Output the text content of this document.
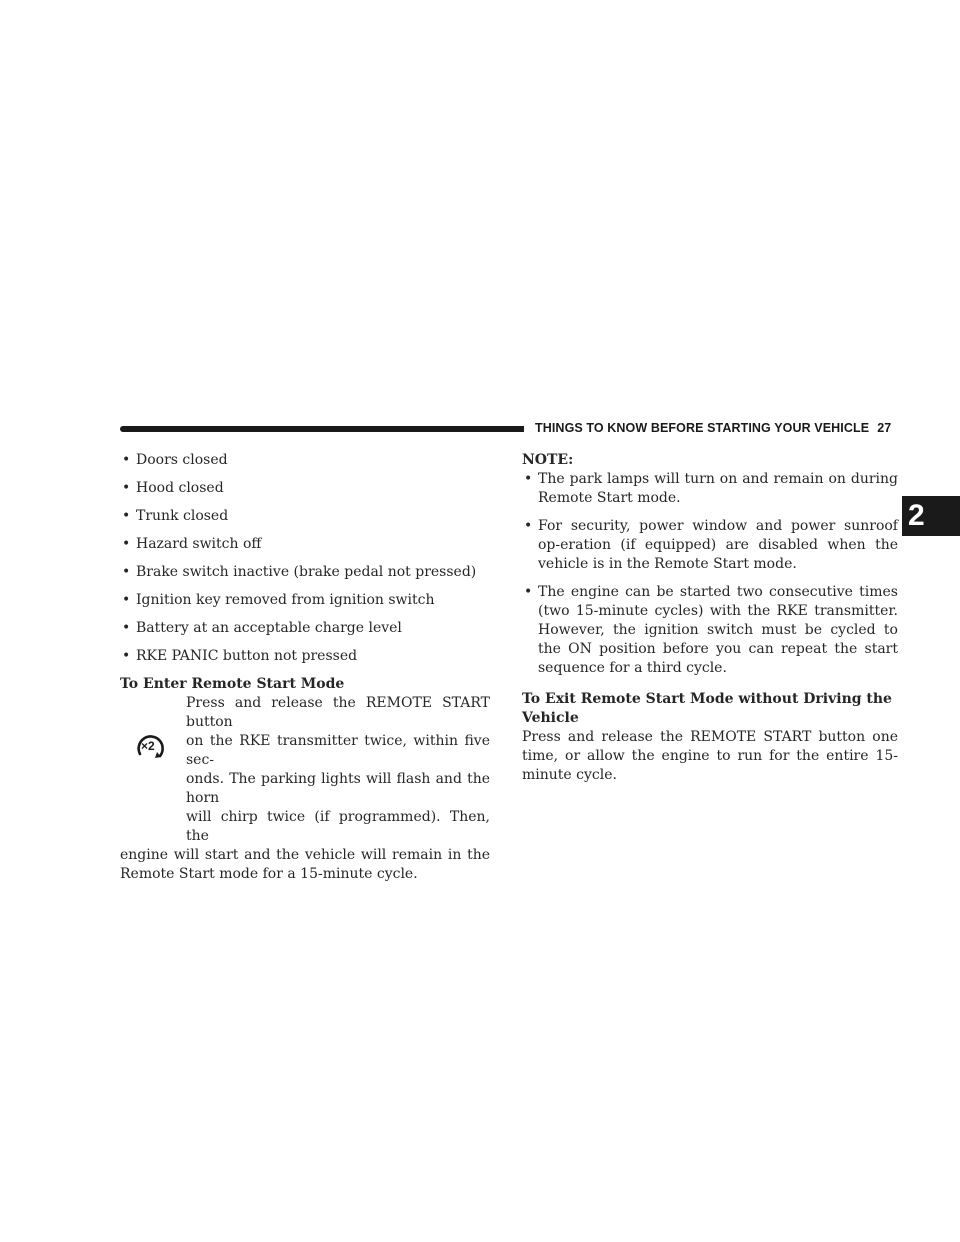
THINGS TO KNOW BEFORE STARTING YOUR VEHICLE 27
2
• Doors closed
• Hood closed
• Trunk closed
• Hazard switch off
• Brake switch inactive (brake pedal not pressed)
• Ignition key removed from ignition switch
• Battery at an acceptable charge level
• RKE PANIC button not pressed

To Enter Remote Start Mode

×2

Press and release the REMOTE START button

on the RKE transmitter twice, within five sec-

onds. The parking lights will flash and the horn

will chirp twice (if programmed). Then, the

engine will start and the vehicle will remain in the Remote Start mode for a 15-minute cycle.

NOTE:

• The park lamps will turn on and remain on during Remote Start mode.
• For security, power window and power sunroof op-eration (if equipped) are disabled when the vehicle is in the Remote Start mode.
• The engine can be started two consecutive times (two 15-minute cycles) with the RKE transmitter. However, the ignition switch must be cycled to the ON position before you can repeat the start sequence for a third cycle.

To Exit Remote Start Mode without Driving the Vehicle

Press and release the REMOTE START button one time, or allow the engine to run for the entire 15-minute cycle.
